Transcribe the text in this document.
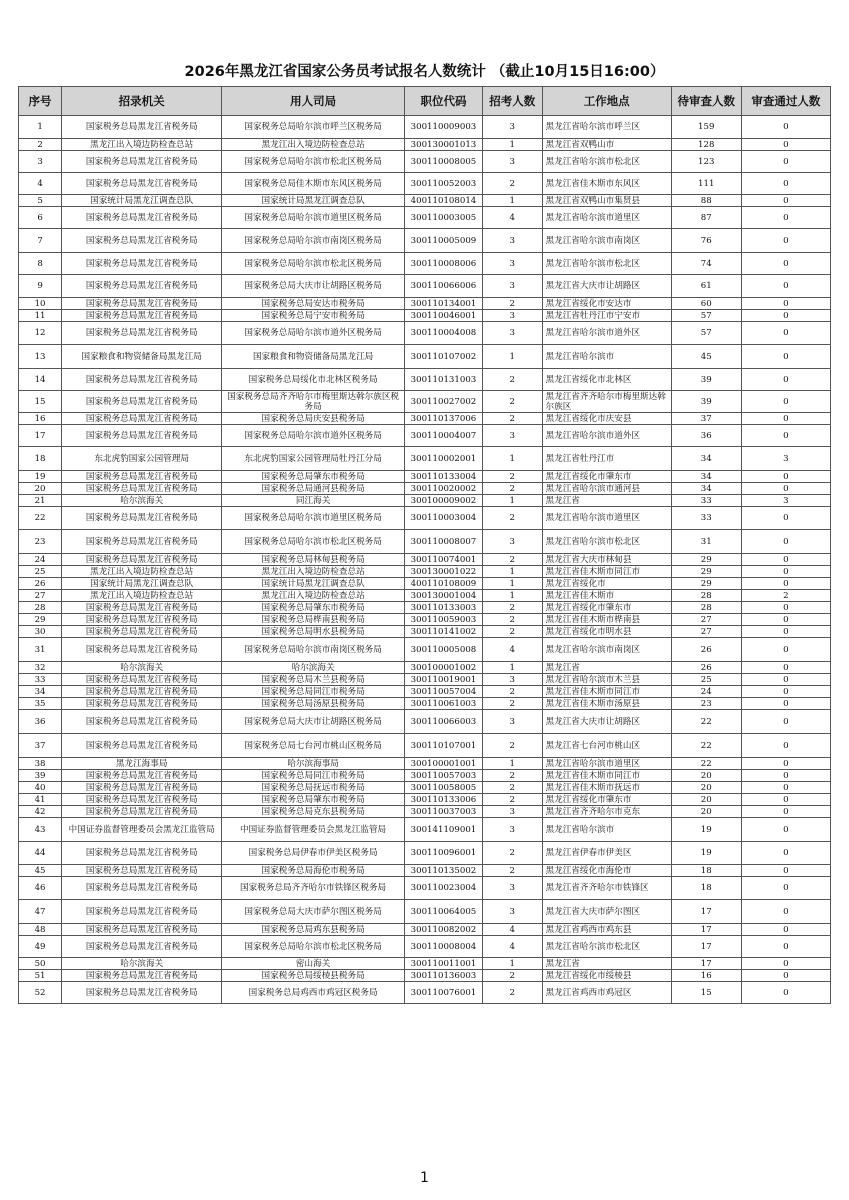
2026年黑龙江省国家公务员考试报名人数统计 （截止10月15日16:00）
序号	招录机关	用人司局	职位代码	招考人数	工作地点	待审查人数	审查通过人数
1	国家税务总局黑龙江省税务局	国家税务总局哈尔滨市呼兰区税务局	300110009003	3	黑龙江省哈尔滨市呼兰区	159	0
2	黑龙江出入境边防检查总站	黑龙江出入境边防检查总站	300130001013	1	黑龙江省双鸭山市	128	0
3	国家税务总局黑龙江省税务局	国家税务总局哈尔滨市松北区税务局	300110008005	3	黑龙江省哈尔滨市松北区	123	0
4	国家税务总局黑龙江省税务局	国家税务总局佳木斯市东风区税务局	300110052003	2	黑龙江省佳木斯市东风区	111	0
5	国家统计局黑龙江调查总队	国家统计局黑龙江调查总队	400110108014	1	黑龙江省双鸭山市集贤县	88	0
6	国家税务总局黑龙江省税务局	国家税务总局哈尔滨市道里区税务局	300110003005	4	黑龙江省哈尔滨市道里区	87	0
7	国家税务总局黑龙江省税务局	国家税务总局哈尔滨市南岗区税务局	300110005009	3	黑龙江省哈尔滨市南岗区	76	0
8	国家税务总局黑龙江省税务局	国家税务总局哈尔滨市松北区税务局	300110008006	3	黑龙江省哈尔滨市松北区	74	0
9	国家税务总局黑龙江省税务局	国家税务总局大庆市让胡路区税务局	300110066006	3	黑龙江省大庆市让胡路区	61	0
10	国家税务总局黑龙江省税务局	国家税务总局安达市税务局	300110134001	2	黑龙江省绥化市安达市	60	0
11	国家税务总局黑龙江省税务局	国家税务总局宁安市税务局	300110046001	3	黑龙江省牡丹江市宁安市	57	0
12	国家税务总局黑龙江省税务局	国家税务总局哈尔滨市道外区税务局	300110004008	3	黑龙江省哈尔滨市道外区	57	0
13	国家粮食和物资储备局黑龙江局	国家粮食和物资储备局黑龙江局	300110107002	1	黑龙江省哈尔滨市	45	0
14	国家税务总局黑龙江省税务局	国家税务总局绥化市北林区税务局	300110131003	2	黑龙江省绥化市北林区	39	0
15	国家税务总局黑龙江省税务局	国家税务总局齐齐哈尔市梅里斯达斡尔族区税务局	300110027002	2	黑龙江省齐齐哈尔市梅里斯达斡尔族区	39	0
16	国家税务总局黑龙江省税务局	国家税务总局庆安县税务局	300110137006	2	黑龙江省绥化市庆安县	37	0
17	国家税务总局黑龙江省税务局	国家税务总局哈尔滨市道外区税务局	300110004007	3	黑龙江省哈尔滨市道外区	36	0
18	东北虎豹国家公园管理局	东北虎豹国家公园管理局牡丹江分局	300110002001	1	黑龙江省牡丹江市	34	3
19	国家税务总局黑龙江省税务局	国家税务总局肇东市税务局	300110133004	2	黑龙江省绥化市肇东市	34	0
20	国家税务总局黑龙江省税务局	国家税务总局通河县税务局	300110020002	2	黑龙江省哈尔滨市通河县	34	0
21	哈尔滨海关	同江海关	300100009002	1	黑龙江省	33	3
22	国家税务总局黑龙江省税务局	国家税务总局哈尔滨市道里区税务局	300110003004	2	黑龙江省哈尔滨市道里区	33	0
23	国家税务总局黑龙江省税务局	国家税务总局哈尔滨市松北区税务局	300110008007	3	黑龙江省哈尔滨市松北区	31	0
24	国家税务总局黑龙江省税务局	国家税务总局林甸县税务局	300110074001	2	黑龙江省大庆市林甸县	29	0
25	黑龙江出入境边防检查总站	黑龙江出入境边防检查总站	300130001022	1	黑龙江省佳木斯市同江市	29	0
26	国家统计局黑龙江调查总队	国家统计局黑龙江调查总队	400110108009	1	黑龙江省绥化市	29	0
27	黑龙江出入境边防检查总站	黑龙江出入境边防检查总站	300130001004	1	黑龙江省佳木斯市	28	2
28	国家税务总局黑龙江省税务局	国家税务总局肇东市税务局	300110133003	2	黑龙江省绥化市肇东市	28	0
29	国家税务总局黑龙江省税务局	国家税务总局桦南县税务局	300110059003	2	黑龙江省佳木斯市桦南县	27	0
30	国家税务总局黑龙江省税务局	国家税务总局明水县税务局	300110141002	2	黑龙江省绥化市明水县	27	0
31	国家税务总局黑龙江省税务局	国家税务总局哈尔滨市南岗区税务局	300110005008	4	黑龙江省哈尔滨市南岗区	26	0
32	哈尔滨海关	哈尔滨海关	300100001002	1	黑龙江省	26	0
33	国家税务总局黑龙江省税务局	国家税务总局木兰县税务局	300110019001	3	黑龙江省哈尔滨市木兰县	25	0
34	国家税务总局黑龙江省税务局	国家税务总局同江市税务局	300110057004	2	黑龙江省佳木斯市同江市	24	0
35	国家税务总局黑龙江省税务局	国家税务总局汤原县税务局	300110061003	2	黑龙江省佳木斯市汤原县	23	0
36	国家税务总局黑龙江省税务局	国家税务总局大庆市让胡路区税务局	300110066003	3	黑龙江省大庆市让胡路区	22	0
37	国家税务总局黑龙江省税务局	国家税务总局七台河市桃山区税务局	300110107001	2	黑龙江省七台河市桃山区	22	0
38	黑龙江海事局	哈尔滨海事局	300100001001	1	黑龙江省哈尔滨市道里区	22	0
39	国家税务总局黑龙江省税务局	国家税务总局同江市税务局	300110057003	2	黑龙江省佳木斯市同江市	20	0
40	国家税务总局黑龙江省税务局	国家税务总局抚远市税务局	300110058005	2	黑龙江省佳木斯市抚远市	20	0
41	国家税务总局黑龙江省税务局	国家税务总局肇东市税务局	300110133006	2	黑龙江省绥化市肇东市	20	0
42	国家税务总局黑龙江省税务局	国家税务总局克东县税务局	300110037003	3	黑龙江省齐齐哈尔市克东	20	0
43	中国证券监督管理委员会黑龙江监管局	中国证券监督管理委员会黑龙江监管局	300141109001	3	黑龙江省哈尔滨市	19	0
44	国家税务总局黑龙江省税务局	国家税务总局伊春市伊美区税务局	300110096001	2	黑龙江省伊春市伊美区	19	0
45	国家税务总局黑龙江省税务局	国家税务总局海伦市税务局	300110135002	2	黑龙江省绥化市海伦市	18	0
46	国家税务总局黑龙江省税务局	国家税务总局齐齐哈尔市铁锋区税务局	300110023004	3	黑龙江省齐齐哈尔市铁锋区	18	0
47	国家税务总局黑龙江省税务局	国家税务总局大庆市萨尔图区税务局	300110064005	3	黑龙江省大庆市萨尔图区	17	0
48	国家税务总局黑龙江省税务局	国家税务总局鸡东县税务局	300110082002	4	黑龙江省鸡西市鸡东县	17	0
49	国家税务总局黑龙江省税务局	国家税务总局哈尔滨市松北区税务局	300110008004	4	黑龙江省哈尔滨市松北区	17	0
50	哈尔滨海关	密山海关	300110011001	1	黑龙江省	17	0
51	国家税务总局黑龙江省税务局	国家税务总局绥棱县税务局	300110136003	2	黑龙江省绥化市绥棱县	16	0
52	国家税务总局黑龙江省税务局	国家税务总局鸡西市鸡冠区税务局	300110076001	2	黑龙江省鸡西市鸡冠区	15	0
1
